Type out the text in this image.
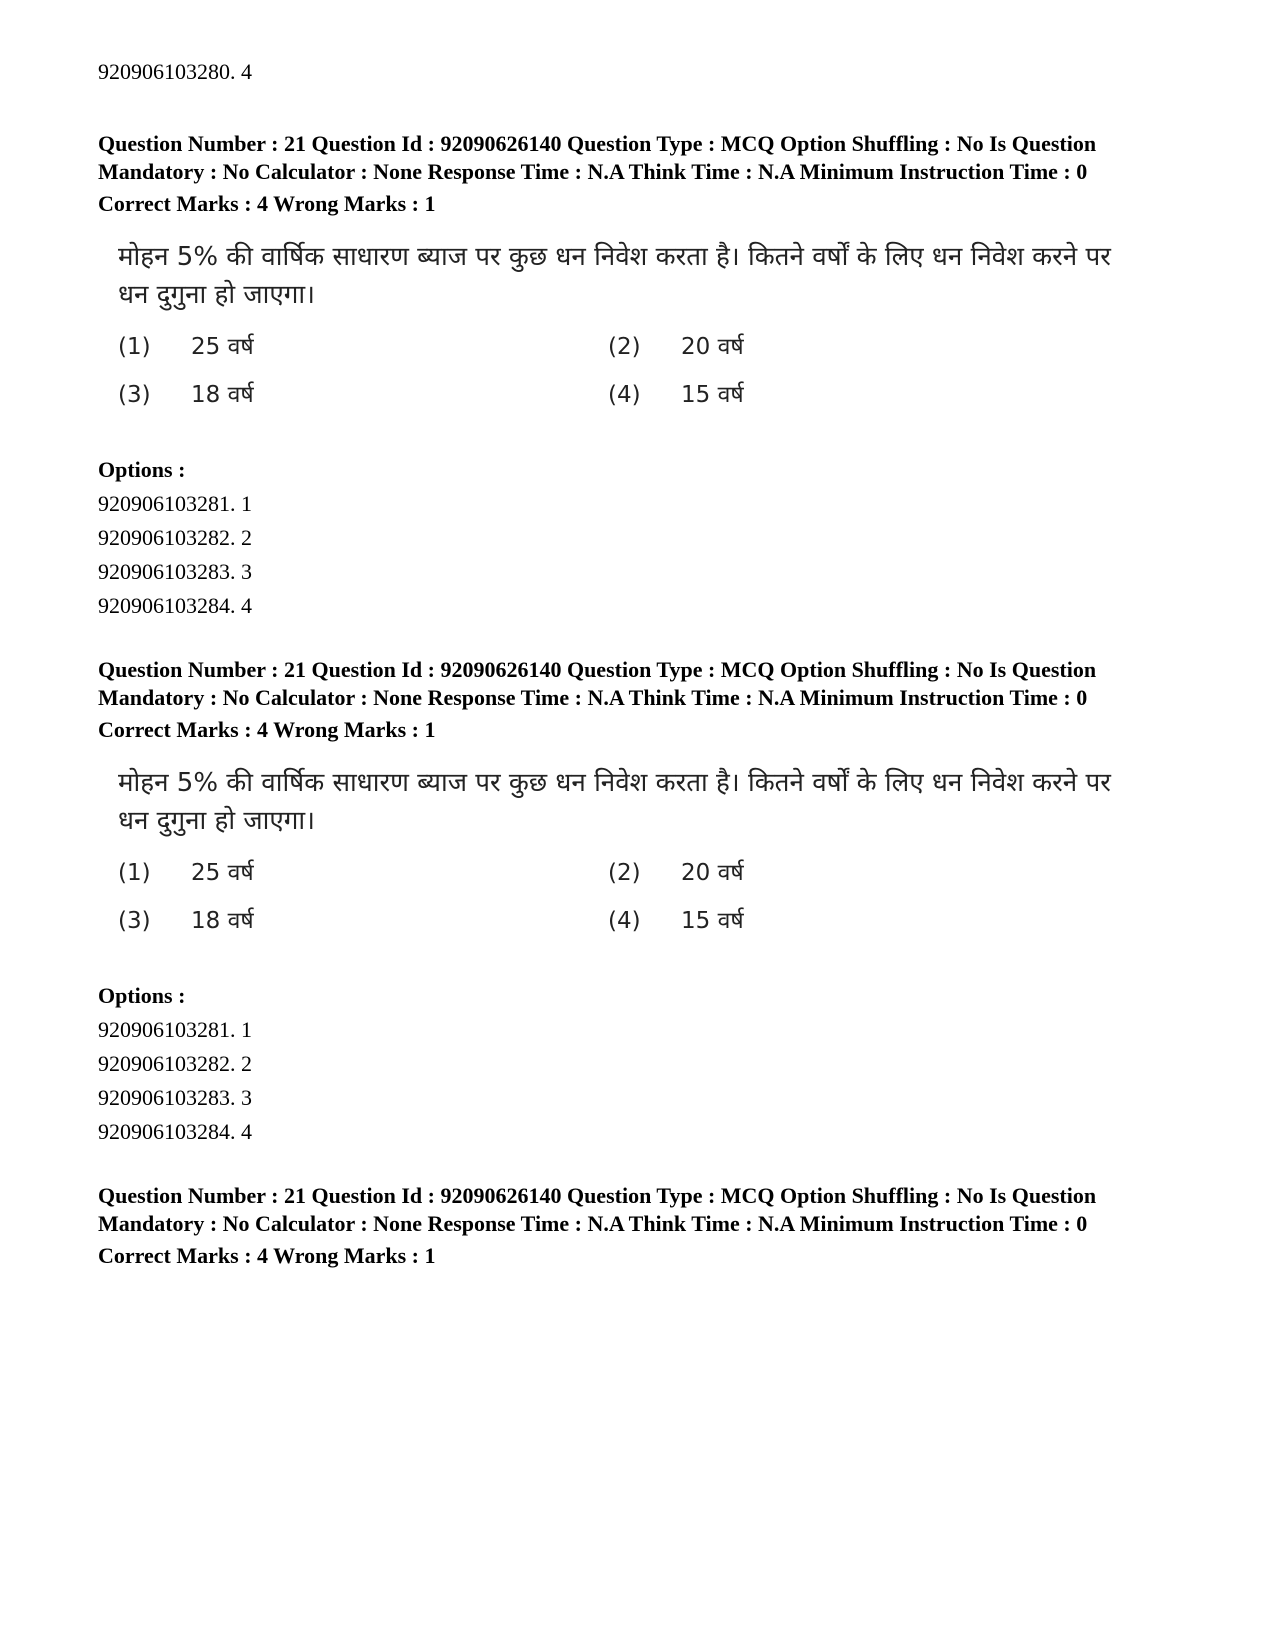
920906103280. 4
Question Number : 21 Question Id : 92090626140 Question Type : MCQ Option Shuffling : No Is Question Mandatory : No Calculator : None Response Time : N.A Think Time : N.A Minimum Instruction Time : 0
Correct Marks : 4 Wrong Marks : 1
मोहन 5% की वार्षिक साधारण ब्याज पर कुछ धन निवेश करता है। कितने वर्षों के लिए धन निवेश करने पर धन दुगुना हो जाएगा।
(1)	25 वर्ष	(2)	20 वर्ष
(3)	18 वर्ष	(4)	15 वर्ष
Options :
920906103281. 1
920906103282. 2
920906103283. 3
920906103284. 4
Question Number : 21 Question Id : 92090626140 Question Type : MCQ Option Shuffling : No Is Question Mandatory : No Calculator : None Response Time : N.A Think Time : N.A Minimum Instruction Time : 0
Correct Marks : 4 Wrong Marks : 1
मोहन 5% की वार्षिक साधारण ब्याज पर कुछ धन निवेश करता है। कितने वर्षों के लिए धन निवेश करने पर धन दुगुना हो जाएगा।
(1)	25 वर्ष	(2)	20 वर्ष
(3)	18 वर्ष	(4)	15 वर्ष
Options :
920906103281. 1
920906103282. 2
920906103283. 3
920906103284. 4
Question Number : 21 Question Id : 92090626140 Question Type : MCQ Option Shuffling : No Is Question Mandatory : No Calculator : None Response Time : N.A Think Time : N.A Minimum Instruction Time : 0
Correct Marks : 4 Wrong Marks : 1
